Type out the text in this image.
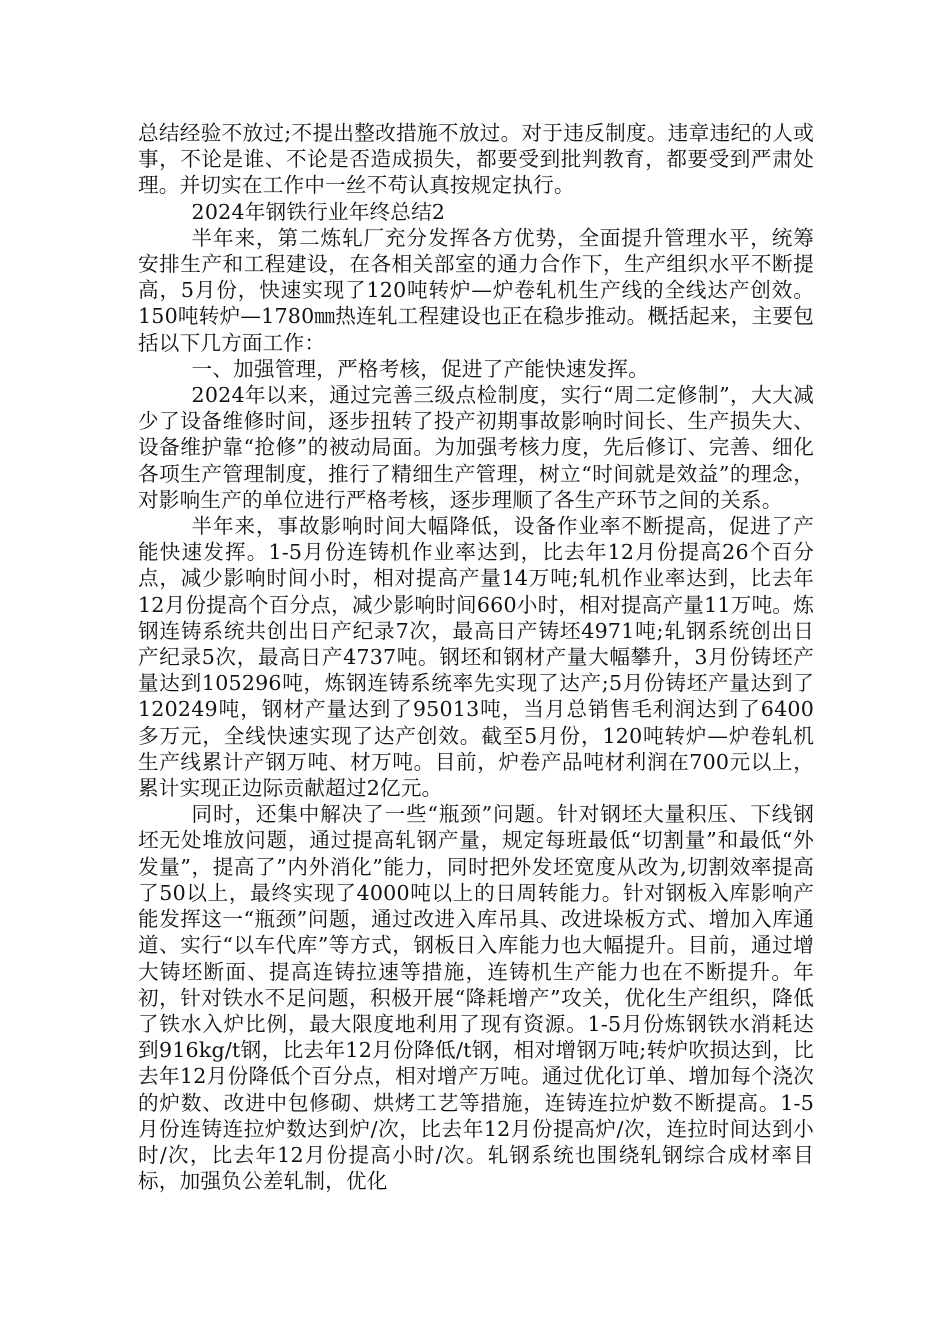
总结经验不放过;不提出整改措施不放过。对于违反制度。违章违纪的人或事，不论是谁、不论是否造成损失，都要受到批判教育，都要受到严肃处理。并切实在工作中一丝不苟认真按规定执行。

2024年钢铁行业年终总结2

半年来，第二炼轧厂充分发挥各方优势，全面提升管理水平，统筹安排生产和工程建设，在各相关部室的通力合作下，生产组织水平不断提高，5月份，快速实现了120吨转炉—炉卷轧机生产线的全线达产创效。150吨转炉—1780㎜热连轧工程建设也正在稳步推动。概括起来，主要包括以下几方面工作：

一、加强管理，严格考核，促进了产能快速发挥。

2024年以来，通过完善三级点检制度，实行“周二定修制”，大大减少了设备维修时间，逐步扭转了投产初期事故影响时间长、生产损失大、设备维护靠“抢修”的被动局面。为加强考核力度，先后修订、完善、细化各项生产管理制度，推行了精细生产管理，树立“时间就是效益”的理念，对影响生产的单位进行严格考核，逐步理顺了各生产环节之间的关系。

半年来，事故影响时间大幅降低，设备作业率不断提高，促进了产能快速发挥。1-5月份连铸机作业率达到，比去年12月份提高26个百分点，减少影响时间小时，相对提高产量14万吨;轧机作业率达到，比去年12月份提高个百分点，减少影响时间660小时，相对提高产量11万吨。炼钢连铸系统共创出日产纪录7次，最高日产铸坯4971吨;轧钢系统创出日产纪录5次，最高日产4737吨。钢坯和钢材产量大幅攀升，3月份铸坯产量达到105296吨，炼钢连铸系统率先实现了达产;5月份铸坯产量达到了120249吨，钢材产量达到了95013吨，当月总销售毛利润达到了6400多万元，全线快速实现了达产创效。截至5月份，120吨转炉—炉卷轧机生产线累计产钢万吨、材万吨。目前，炉卷产品吨材利润在700元以上，累计实现正边际贡献超过2亿元。

同时，还集中解决了一些“瓶颈”问题。针对钢坯大量积压、下线钢坯无处堆放问题，通过提高轧钢产量，规定每班最低“切割量”和最低“外发量”，提高了”内外消化”能力，同时把外发坯宽度从改为,切割效率提高了50以上，最终实现了4000吨以上的日周转能力。针对钢板入库影响产能发挥这一“瓶颈”问题，通过改进入库吊具、改进垛板方式、增加入库通道、实行“以车代库”等方式，钢板日入库能力也大幅提升。目前，通过增大铸坯断面、提高连铸拉速等措施，连铸机生产能力也在不断提升。年初，针对铁水不足问题，积极开展“降耗增产”攻关，优化生产组织，降低了铁水入炉比例，最大限度地利用了现有资源。1-5月份炼钢铁水消耗达到916kg/t钢，比去年12月份降低/t钢，相对增钢万吨;转炉吹损达到，比去年12月份降低个百分点，相对增产万吨。通过优化订单、增加每个浇次的炉数、改进中包修砌、烘烤工艺等措施，连铸连拉炉数不断提高。1-5月份连铸连拉炉数达到炉/次，比去年12月份提高炉/次，连拉时间达到小时/次，比去年12月份提高小时/次。轧钢系统也围绕轧钢综合成材率目标，加强负公差轧制，优化
